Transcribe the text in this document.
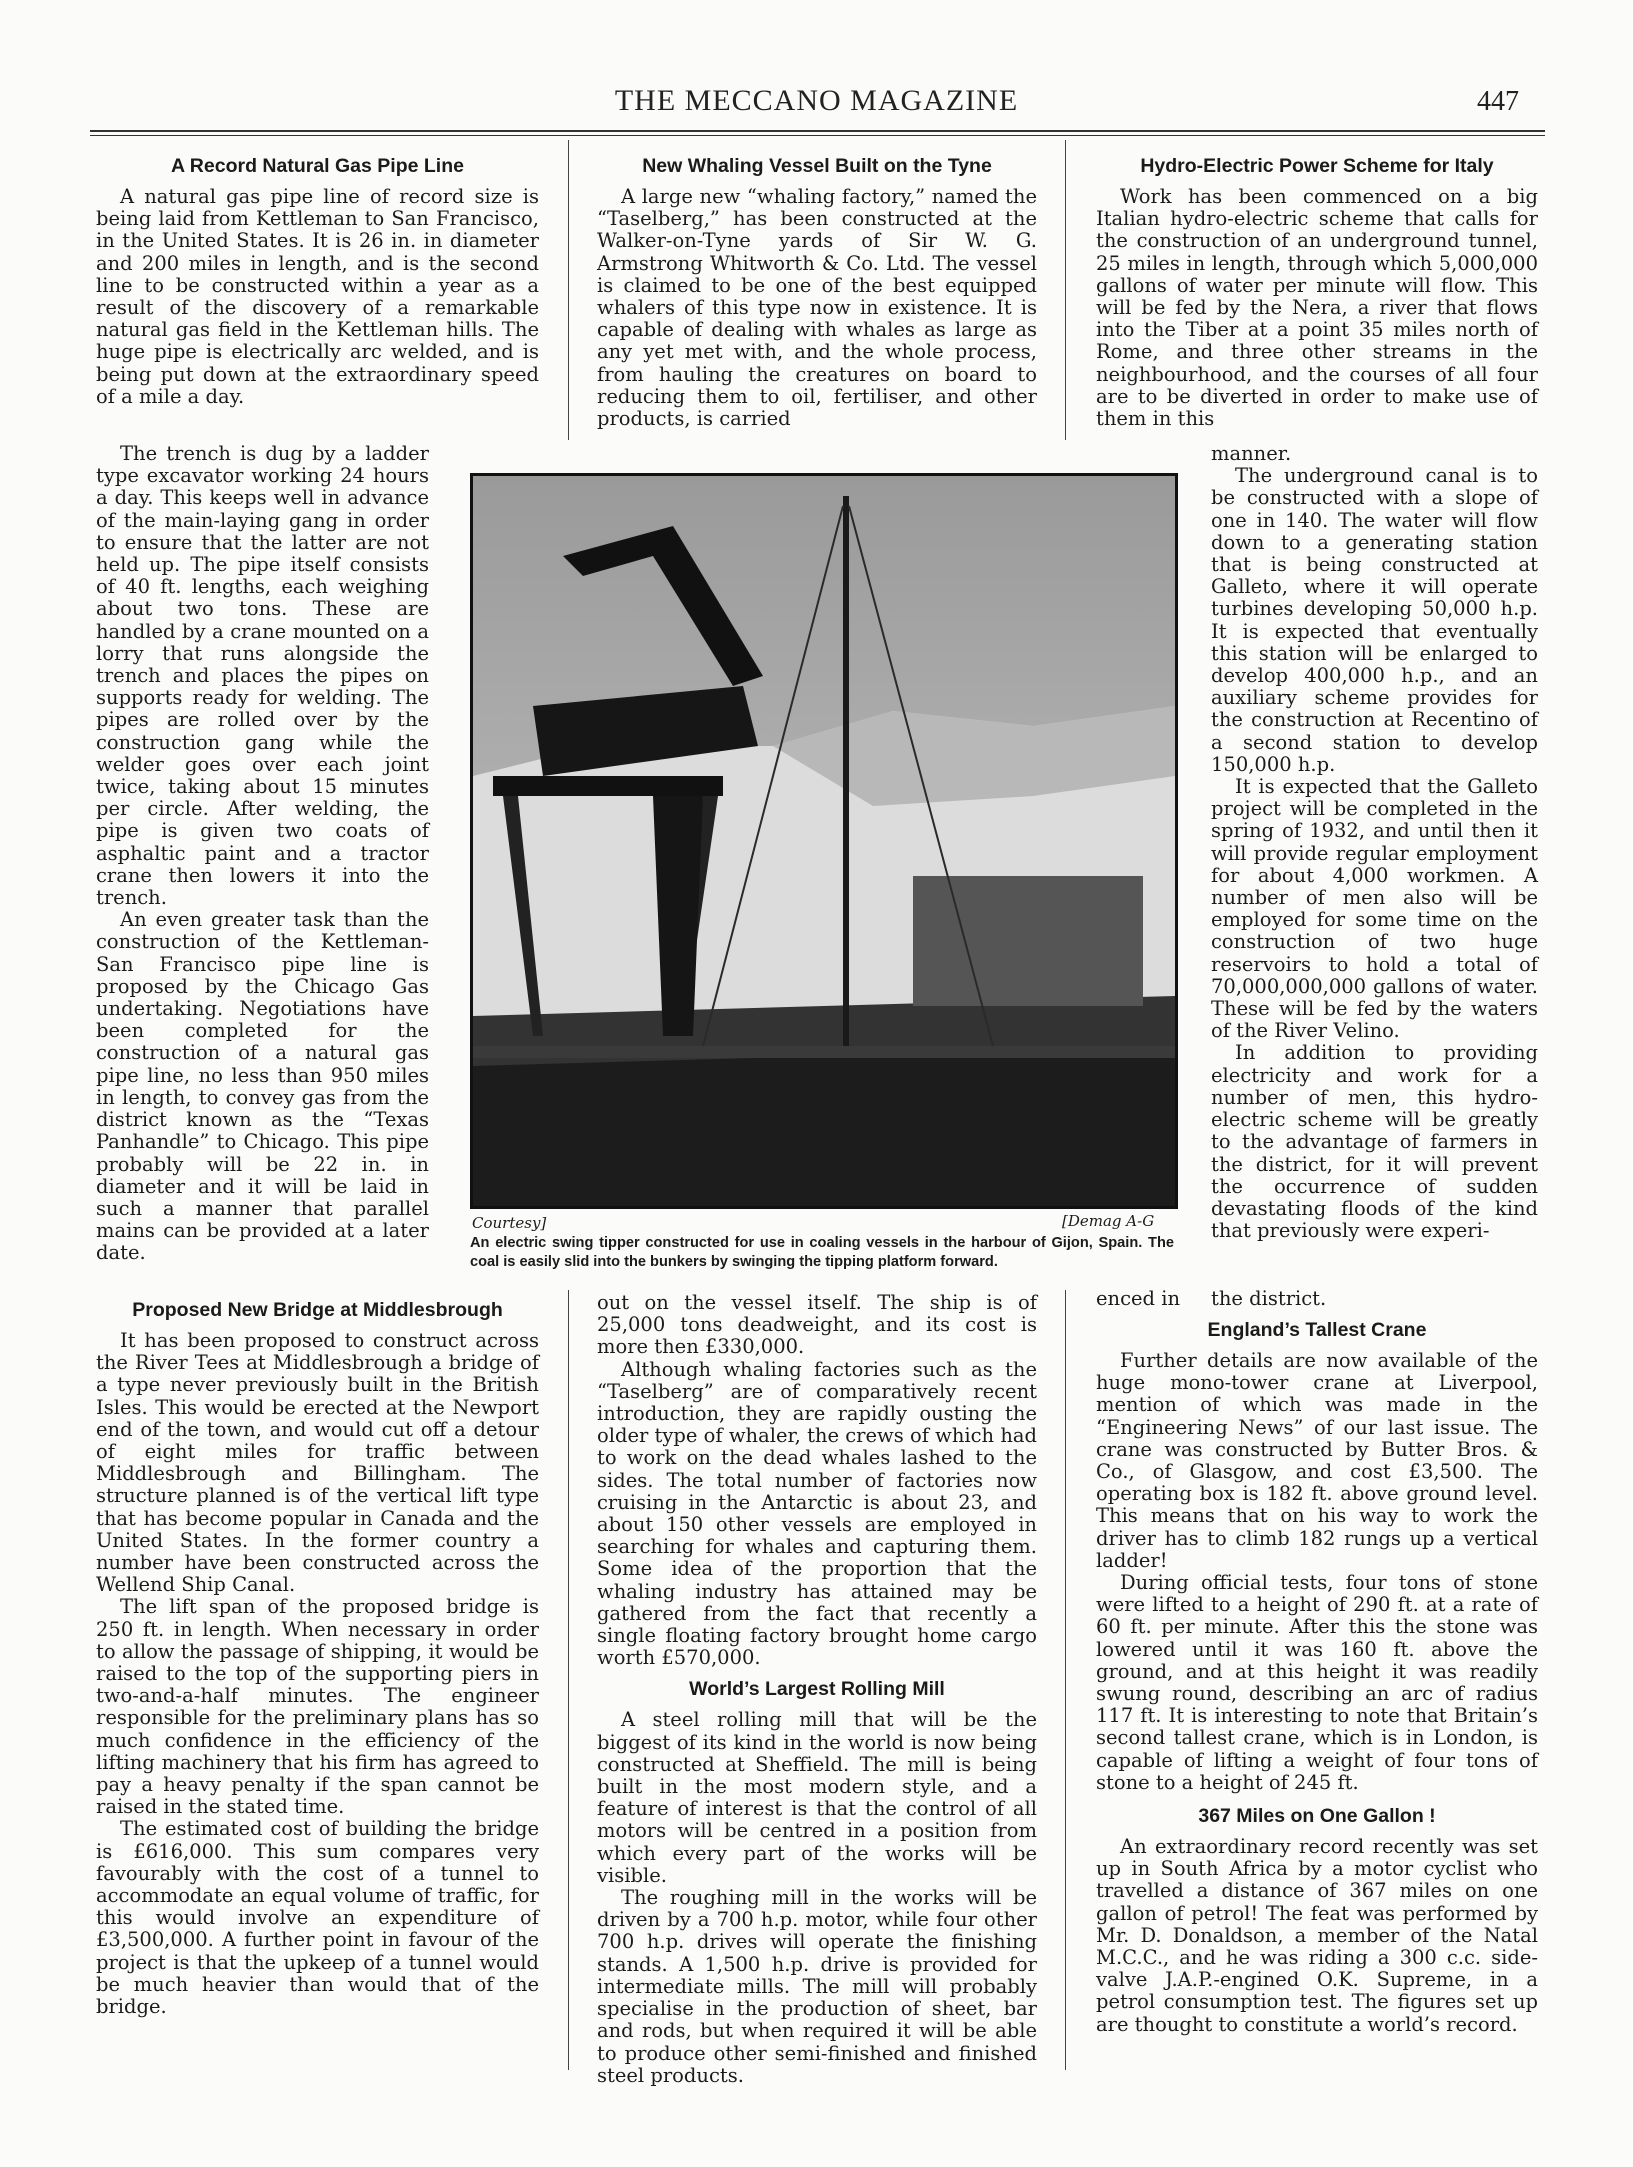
THE MECCANO MAGAZINE	447
A Record Natural Gas Pipe Line

A natural gas pipe line of record size is being laid from Kettleman to San Francisco, in the United States. It is 26 in. in diameter and 200 miles in length, and is the second line to be constructed within a year as a result of the discovery of a remarkable natural gas field in the Kettleman hills. The huge pipe is electrically arc welded, and is being put down at the extraordinary speed of a mile a day.

The trench is dug by a ladder type excavator working 24 hours a day. This keeps well in advance of the main-laying gang in order to ensure that the latter are not held up. The pipe itself consists of 40 ft. lengths, each weighing about two tons. These are handled by a crane mounted on a lorry that runs alongside the trench and places the pipes on supports ready for welding. The pipes are rolled over by the construction gang while the welder goes over each joint twice, taking about 15 minutes per circle. After welding, the pipe is given two coats of asphaltic paint and a tractor crane then lowers it into the trench.

An even greater task than the construction of the Kettleman-San Francisco pipe line is proposed by the Chicago Gas undertaking. Negotiations have been completed for the construction of a natural gas pipe line, no less than 950 miles in length, to convey gas from the district known as the “Texas Panhandle” to Chicago. This pipe probably will be 22 in. in diameter and it will be laid in such a manner that parallel mains can be provided at a later date.

Proposed New Bridge at Middlesbrough

It has been proposed to construct across the River Tees at Middlesbrough a bridge of a type never previously built in the British Isles. This would be erected at the Newport end of the town, and would cut off a detour of eight miles for traffic between Middlesbrough and Billingham. The structure planned is of the vertical lift type that has become popular in Canada and the United States. In the former country a number have been constructed across the Wellend Ship Canal.

The lift span of the proposed bridge is 250 ft. in length. When necessary in order to allow the passage of shipping, it would be raised to the top of the supporting piers in two-and-a-half minutes. The engineer responsible for the preliminary plans has so much confidence in the efficiency of the lifting machinery that his firm has agreed to pay a heavy penalty if the span cannot be raised in the stated time.

The estimated cost of building the bridge is £616,000. This sum compares very favourably with the cost of a tunnel to accommodate an equal volume of traffic, for this would involve an expenditure of £3,500,000. A further point in favour of the project is that the upkeep of a tunnel would be much heavier than would that of the bridge.

New Whaling Vessel Built on the Tyne

A large new “whaling factory,” named the “Taselberg,” has been constructed at the Walker-on-Tyne yards of Sir W. G. Armstrong Whitworth & Co. Ltd. The vessel is claimed to be one of the best equipped whalers of this type now in existence. It is capable of dealing with whales as large as any yet met with, and the whole process, from hauling the creatures on board to reducing them to oil, fertiliser, and other products, is carried

out on the vessel itself. The ship is of 25,000 tons deadweight, and its cost is more then £330,000.

Although whaling factories such as the “Taselberg” are of comparatively recent introduction, they are rapidly ousting the older type of whaler, the crews of which had to work on the dead whales lashed to the sides. The total number of factories now cruising in the Antarctic is about 23, and about 150 other vessels are employed in searching for whales and capturing them. Some idea of the proportion that the whaling industry has attained may be gathered from the fact that recently a single floating factory brought home cargo worth £570,000.

World’s Largest Rolling Mill

A steel rolling mill that will be the biggest of its kind in the world is now being constructed at Sheffield. The mill is being built in the most modern style, and a feature of interest is that the control of all motors will be centred in a position from which every part of the works will be visible.

The roughing mill in the works will be driven by a 700 h.p. motor, while four other 700 h.p. drives will operate the finishing stands. A 1,500 h.p. drive is provided for intermediate mills. The mill will probably specialise in the production of sheet, bar and rods, but when required it will be able to produce other semi-finished and finished steel products.

Hydro-Electric Power Scheme for Italy

Work has been commenced on a big Italian hydro-electric scheme that calls for the construction of an underground tunnel, 25 miles in length, through which 5,000,000 gallons of water per minute will flow. This will be fed by the Nera, a river that flows into the Tiber at a point 35 miles north of Rome, and three other streams in the neighbourhood, and the courses of all four are to be diverted in order to make use of them in this

manner.

The underground canal is to be constructed with a slope of one in 140. The water will flow down to a generating station that is being constructed at Galleto, where it will operate turbines developing 50,000 h.p. It is expected that eventually this station will be enlarged to develop 400,000 h.p., and an auxiliary scheme provides for the construction at Recentino of a second station to develop 150,000 h.p.

It is expected that the Galleto project will be completed in the spring of 1932, and until then it will provide regular employment for about 4,000 workmen. A number of men also will be employed for some time on the construction of two huge reservoirs to hold a total of 70,000,000,000 gallons of water. These will be fed by the waters of the River Velino.

In addition to providing electricity and work for a number of men, this hydro-electric scheme will be greatly to the advantage of farmers in the district, for it will prevent the occurrence of sudden devastating floods of the kind that previously were experi-

enced in	the district.
England’s Tallest Crane

Further details are now available of the huge mono-tower crane at Liverpool, mention of which was made in the “Engineering News” of our last issue. The crane was constructed by Butter Bros. & Co., of Glasgow, and cost £3,500. The operating box is 182 ft. above ground level. This means that on his way to work the driver has to climb 182 rungs up a vertical ladder!

During official tests, four tons of stone were lifted to a height of 290 ft. at a rate of 60 ft. per minute. After this the stone was lowered until it was 160 ft. above the ground, and at this height it was readily swung round, describing an arc of radius 117 ft. It is interesting to note that Britain’s second tallest crane, which is in London, is capable of lifting a weight of four tons of stone to a height of 245 ft.

367 Miles on One Gallon !

An extraordinary record recently was set up in South Africa by a motor cyclist who travelled a distance of 367 miles on one gallon of petrol! The feat was performed by Mr. D. Donaldson, a member of the Natal M.C.C., and he was riding a 300 c.c. side-valve J.A.P.-engined O.K. Supreme, in a petrol consumption test. The figures set up are thought to constitute a world’s record.

Courtesy]	[Demag A-G
An electric swing tipper constructed for use in coaling vessels in the harbour of Gijon, Spain. The coal is easily slid into the bunkers by swinging the tipping platform forward.
